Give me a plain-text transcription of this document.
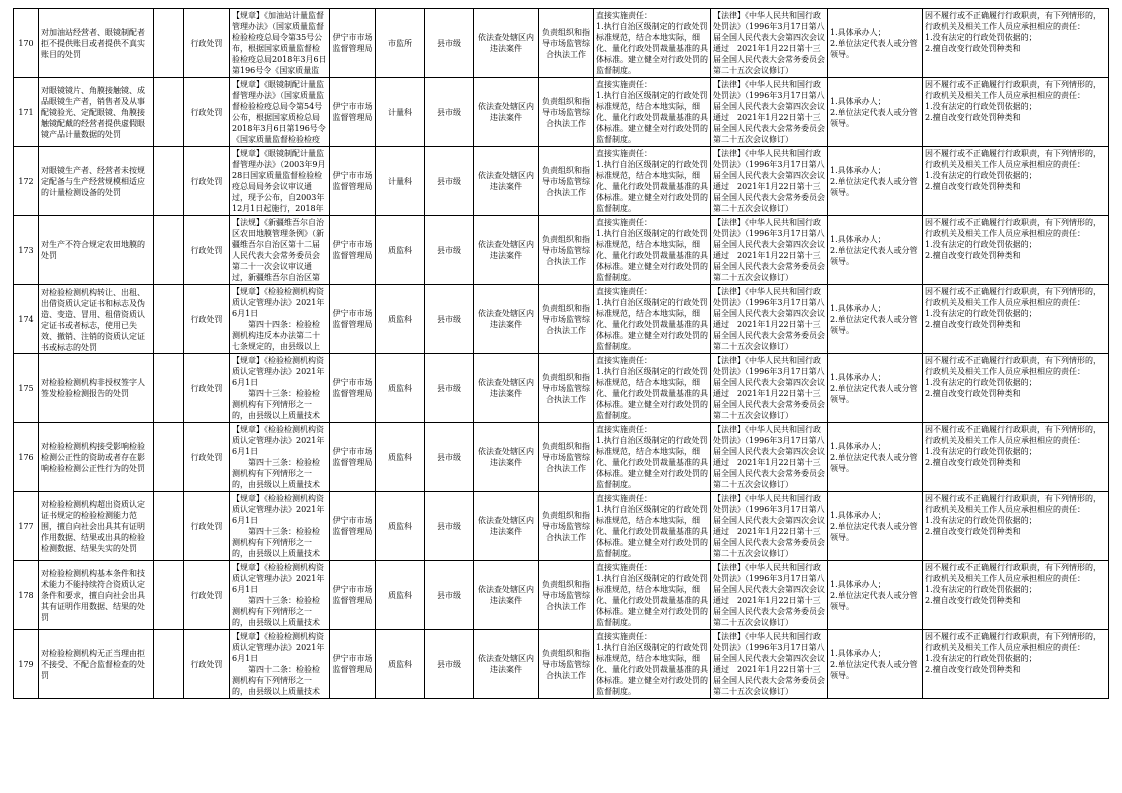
170	对加油站经营者、眼镜制配者拒不提供账目或者提供不真实账目的处罚		行政处罚	【规章】《加油站计量监督管理办法》（国家质量监督检验检疫总局令第35号公布，根据国家质量监督检验检疫总局2018年3月6日第196号令《国家质量监	伊宁市市场监督管理局	市监所	县市级	依法查处辖区内违法案件	负责组织和指导市场监管综合执法工作	直接实施责任：
1.执行自治区级制定的行政处罚标准规范，结合本地实际，细化、量化行政处罚裁量基准的具体标准。建立健全对行政处罚的监督制度。	【法律】《中华人民共和国行政处罚法》（1996年3月17日第八届全国人民代表大会第四次会议通过　2021年1月22日第十三届全国人民代表大会常务委员会第二十五次会议修订）
　	1.具体承办人；
2.单位法定代表人或分管领导。	因不履行或不正确履行行政职责，有下列情形的，行政机关及相关工作人员应承担相应的责任：
1.没有法定的行政处罚依据的；
2.擅自改变行政处罚种类和

171	对眼镜镜片、角膜接触镜、成品眼镜生产者，销售者及从事配镜验光、定配眼镜、角膜接触镜配戴的经营者提供虚假眼镜产品计量数据的处罚		行政处罚	【规章】《眼镜制配计量监督管理办法》（国家质量监督检验检疫总局令第54号公布，根据国家质检总局2018年3月6日第196号令《国家质量监督检验检疫	伊宁市市场监督管理局	计量科	县市级	依法查处辖区内违法案件	负责组织和指导市场监管综合执法工作	直接实施责任：
1.执行自治区级制定的行政处罚标准规范，结合本地实际，细化、量化行政处罚裁量基准的具体标准。建立健全对行政处罚的监督制度。	【法律】《中华人民共和国行政处罚法》（1996年3月17日第八届全国人民代表大会第四次会议通过　2021年1月22日第十三届全国人民代表大会常务委员会第二十五次会议修订）
　	1.具体承办人；
2.单位法定代表人或分管领导。	因不履行或不正确履行行政职责，有下列情形的，行政机关及相关工作人员应承担相应的责任：
1.没有法定的行政处罚依据的；
2.擅自改变行政处罚种类和

172	对眼镜生产者、经营者未按规定配备与生产经营规模相适应的计量检测设备的处罚		行政处罚	【规章】《眼镜制配计量监督管理办法》（2003年9月28日国家质量监督检验检疫总局局务会议审议通过，现予公布，自2003年12月1日起施行，2018年	伊宁市市场监督管理局	计量科	县市级	依法查处辖区内违法案件	负责组织和指导市场监管综合执法工作	直接实施责任：
1.执行自治区级制定的行政处罚标准规范，结合本地实际，细化、量化行政处罚裁量基准的具体标准。建立健全对行政处罚的监督制度。	【法律】《中华人民共和国行政处罚法》（1996年3月17日第八届全国人民代表大会第四次会议通过　2021年1月22日第十三届全国人民代表大会常务委员会第二十五次会议修订）
　	1.具体承办人；
2.单位法定代表人或分管领导。	因不履行或不正确履行行政职责，有下列情形的，行政机关及相关工作人员应承担相应的责任：
1.没有法定的行政处罚依据的；
2.擅自改变行政处罚种类和

173	对生产不符合规定农田地膜的处罚		行政处罚	【法规】《新疆维吾尔自治区农田地膜管理条例》（新疆维吾尔自治区第十二届人民代表大会常务委员会第二十一次会议审议通过，新疆维吾尔自治区第	伊宁市市场监督管理局	质监科	县市级	依法查处辖区内违法案件	负责组织和指导市场监管综合执法工作	直接实施责任：
1.执行自治区级制定的行政处罚标准规范，结合本地实际，细化、量化行政处罚裁量基准的具体标准。建立健全对行政处罚的监督制度。	【法律】《中华人民共和国行政处罚法》（1996年3月17日第八届全国人民代表大会第四次会议通过　2021年1月22日第十三届全国人民代表大会常务委员会第二十五次会议修订）
　	1.具体承办人；
2.单位法定代表人或分管领导。	因不履行或不正确履行行政职责，有下列情形的，行政机关及相关工作人员应承担相应的责任：
1.没有法定的行政处罚依据的；
2.擅自改变行政处罚种类和

174	对检验检测机构转让、出租、出借资质认定证书和标志及伪造、变造、冒用、租借资质认定证书或者标志，使用已失效、撤销、注销的资质认定证书或标志的处罚		行政处罚	【规章】《检验检测机构资质认定管理办法》2021年6月1日
　　第四十四条：检验检测机构违反本办法第二十七条规定的，由县级以上	伊宁市市场监督管理局	质监科	县市级	依法查处辖区内违法案件	负责组织和指导市场监管综合执法工作	直接实施责任：
1.执行自治区级制定的行政处罚标准规范，结合本地实际，细化、量化行政处罚裁量基准的具体标准。建立健全对行政处罚的监督制度。	【法律】《中华人民共和国行政处罚法》（1996年3月17日第八届全国人民代表大会第四次会议通过　2021年1月22日第十三届全国人民代表大会常务委员会第二十五次会议修订）
　	1.具体承办人；
2.单位法定代表人或分管领导。	因不履行或不正确履行行政职责，有下列情形的，行政机关及相关工作人员应承担相应的责任：
1.没有法定的行政处罚依据的；
2.擅自改变行政处罚种类和

175	对检验检测机构非授权签字人签发检验检测报告的处罚		行政处罚	【规章】《检验检测机构资质认定管理办法》2021年6月1日
　　第四十三条：检验检测机构有下列情形之一的，由县级以上质量技术	伊宁市市场监督管理局	质监科	县市级	依法查处辖区内违法案件	负责组织和指导市场监管综合执法工作	直接实施责任：
1.执行自治区级制定的行政处罚标准规范，结合本地实际，细化、量化行政处罚裁量基准的具体标准。建立健全对行政处罚的监督制度。	【法律】《中华人民共和国行政处罚法》（1996年3月17日第八届全国人民代表大会第四次会议通过　2021年1月22日第十三届全国人民代表大会常务委员会第二十五次会议修订）
　	1.具体承办人；
2.单位法定代表人或分管领导。	因不履行或不正确履行行政职责，有下列情形的，行政机关及相关工作人员应承担相应的责任：
1.没有法定的行政处罚依据的；
2.擅自改变行政处罚种类和

176	对检验检测机构接受影响检验检测公正性的资助或者存在影响检验检测公正性行为的处罚		行政处罚	【规章】《检验检测机构资质认定管理办法》2021年6月1日
　　第四十三条：检验检测机构有下列情形之一的，由县级以上质量技术	伊宁市市场监督管理局	质监科	县市级	依法查处辖区内违法案件	负责组织和指导市场监管综合执法工作	直接实施责任：
1.执行自治区级制定的行政处罚标准规范，结合本地实际，细化、量化行政处罚裁量基准的具体标准。建立健全对行政处罚的监督制度。	【法律】《中华人民共和国行政处罚法》（1996年3月17日第八届全国人民代表大会第四次会议通过　2021年1月22日第十三届全国人民代表大会常务委员会第二十五次会议修订）
　	1.具体承办人；
2.单位法定代表人或分管领导。	因不履行或不正确履行行政职责，有下列情形的，行政机关及相关工作人员应承担相应的责任：
1.没有法定的行政处罚依据的；
2.擅自改变行政处罚种类和

177	对检验检测机构超出资质认定证书规定的检验检测能力范围，擅自向社会出具其有证明作用数据、结果或出具的检验检测数据、结果失实的处罚		行政处罚	【规章】《检验检测机构资质认定管理办法》2021年6月1日
　　第四十三条：检验检测机构有下列情形之一的，由县级以上质量技术	伊宁市市场监督管理局	质监科	县市级	依法查处辖区内违法案件	负责组织和指导市场监管综合执法工作	直接实施责任：
1.执行自治区级制定的行政处罚标准规范，结合本地实际，细化、量化行政处罚裁量基准的具体标准。建立健全对行政处罚的监督制度。	【法律】《中华人民共和国行政处罚法》（1996年3月17日第八届全国人民代表大会第四次会议通过　2021年1月22日第十三届全国人民代表大会常务委员会第二十五次会议修订）
　	1.具体承办人；
2.单位法定代表人或分管领导。	因不履行或不正确履行行政职责，有下列情形的，行政机关及相关工作人员应承担相应的责任：
1.没有法定的行政处罚依据的；
2.擅自改变行政处罚种类和

178	对检验检测机构基本条件和技术能力不能持续符合资质认定条件和要求，擅自向社会出具其有证明作用数据、结果的处罚		行政处罚	【规章】《检验检测机构资质认定管理办法》2021年6月1日
　　第四十三条：检验检测机构有下列情形之一的，由县级以上质量技术	伊宁市市场监督管理局	质监科	县市级	依法查处辖区内违法案件	负责组织和指导市场监管综合执法工作	直接实施责任：
1.执行自治区级制定的行政处罚标准规范，结合本地实际，细化、量化行政处罚裁量基准的具体标准。建立健全对行政处罚的监督制度。	【法律】《中华人民共和国行政处罚法》（1996年3月17日第八届全国人民代表大会第四次会议通过　2021年1月22日第十三届全国人民代表大会常务委员会第二十五次会议修订）
　	1.具体承办人；
2.单位法定代表人或分管领导。	因不履行或不正确履行行政职责，有下列情形的，行政机关及相关工作人员应承担相应的责任：
1.没有法定的行政处罚依据的；
2.擅自改变行政处罚种类和

179	对检验检测机构无正当理由拒不接受、不配合监督检查的处罚		行政处罚	【规章】《检验检测机构资质认定管理办法》2021年6月1日
　　第四十二条：检验检测机构有下列情形之一的，由县级以上质量技术	伊宁市市场监督管理局	质监科	县市级	依法查处辖区内违法案件	负责组织和指导市场监管综合执法工作	直接实施责任：
1.执行自治区级制定的行政处罚标准规范，结合本地实际，细化、量化行政处罚裁量基准的具体标准。建立健全对行政处罚的监督制度。	【法律】《中华人民共和国行政处罚法》（1996年3月17日第八届全国人民代表大会第四次会议通过　2021年1月22日第十三届全国人民代表大会常务委员会第二十五次会议修订）
　	1.具体承办人；
2.单位法定代表人或分管领导。	因不履行或不正确履行行政职责，有下列情形的，行政机关及相关工作人员应承担相应的责任：
1.没有法定的行政处罚依据的；
2.擅自改变行政处罚种类和
